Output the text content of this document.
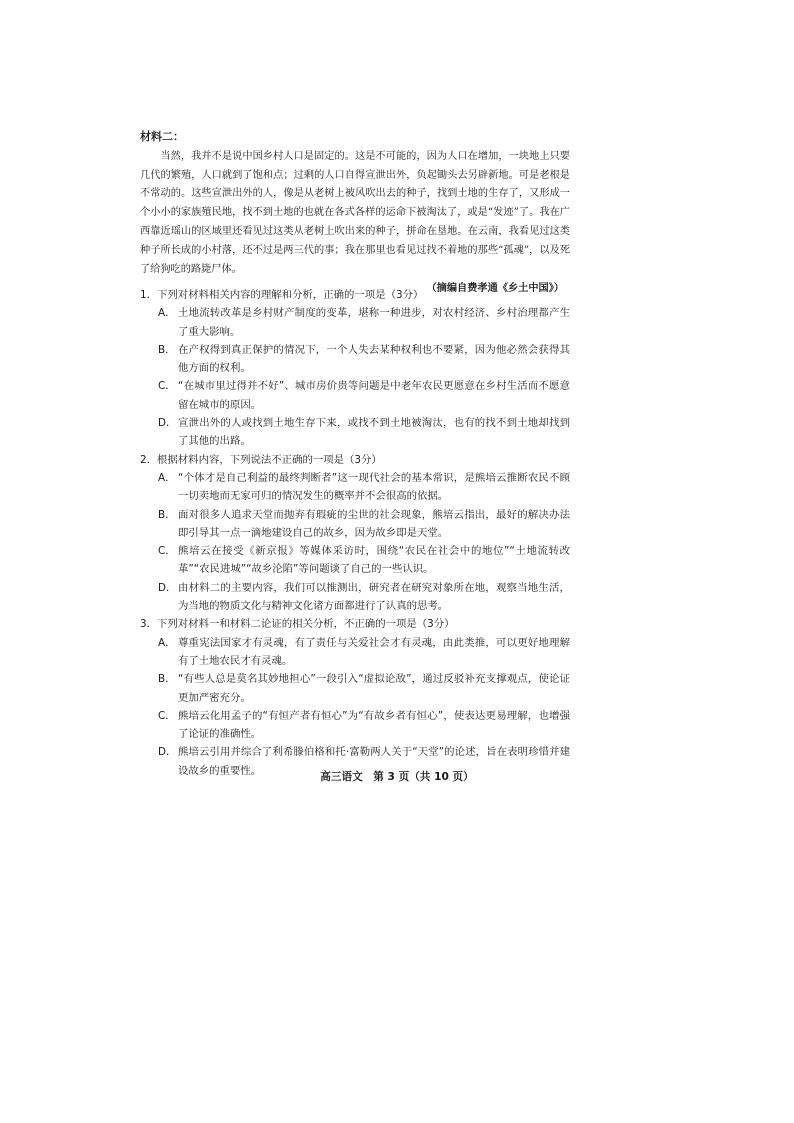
材料二：
当然，我并不是说中国乡村人口是固定的。这是不可能的，因为人口在增加，一块地上只要几代的繁殖，人口就到了饱和点；过剩的人口自得宣泄出外，负起锄头去另辟新地。可是老根是不常动的。这些宣泄出外的人，像是从老树上被风吹出去的种子，找到土地的生存了，又形成一个小小的家族殖民地，找不到土地的也就在各式各样的运命下被淘汰了，或是“发迹”了。我在广西靠近瑶山的区域里还看见过这类从老树上吹出来的种子，拼命在垦地。在云南，我看见过这类种子所长成的小村落，还不过是两三代的事；我在那里也看见过找不着地的那些“孤魂”，以及死了给狗吃的路毙尸体。
（摘编自费孝通《乡土中国》）
1．下列对材料相关内容的理解和分析，正确的一项是（3分）
A． 土地流转改革是乡村财产制度的变革，堪称一种进步，对农村经济、乡村治理都产生了重大影响。
B． 在产权得到真正保护的情况下，一个人失去某种权利也不要紧，因为他必然会获得其他方面的权利。
C． “在城市里过得并不好”、城市房价贵等问题是中老年农民更愿意在乡村生活而不愿意留在城市的原因。
D． 宣泄出外的人或找到土地生存下来，或找不到土地被淘汰，也有的找不到土地却找到了其他的出路。
2．根据材料内容，下列说法不正确的一项是（3分）
A． “个体才是自己利益的最终判断者”这一现代社会的基本常识，是熊培云推断农民不顾一切卖地而无家可归的情况发生的概率并不会很高的依据。
B． 面对很多人追求天堂而抛弃有瑕疵的尘世的社会现象，熊培云指出，最好的解决办法即引导其一点一滴地建设自己的故乡，因为故乡即是天堂。
C． 熊培云在接受《新京报》等媒体采访时，围绕“农民在社会中的地位”“土地流转改革”“农民进城”“故乡沦陷”等问题谈了自己的一些认识。
D． 由材料二的主要内容，我们可以推测出，研究者在研究对象所在地，观察当地生活，为当地的物质文化与精神文化诸方面都进行了认真的思考。
3．下列对材料一和材料二论证的相关分析，不正确的一项是（3分）
A． 尊重宪法国家才有灵魂，有了责任与关爱社会才有灵魂，由此类推，可以更好地理解有了土地农民才有灵魂。
B． “有些人总是莫名其妙地担心”一段引入“虚拟论敌”，通过反驳补充支撑观点，使论证更加严密充分。
C． 熊培云化用孟子的“有恒产者有恒心”为“有故乡者有恒心”，使表达更易理解，也增强了论证的准确性。
D． 熊培云引用并综合了利希滕伯格和托·富勒两人关于“天堂”的论述，旨在表明珍惜并建设故乡的重要性。
高三语文　第 3 页（共 10 页）
